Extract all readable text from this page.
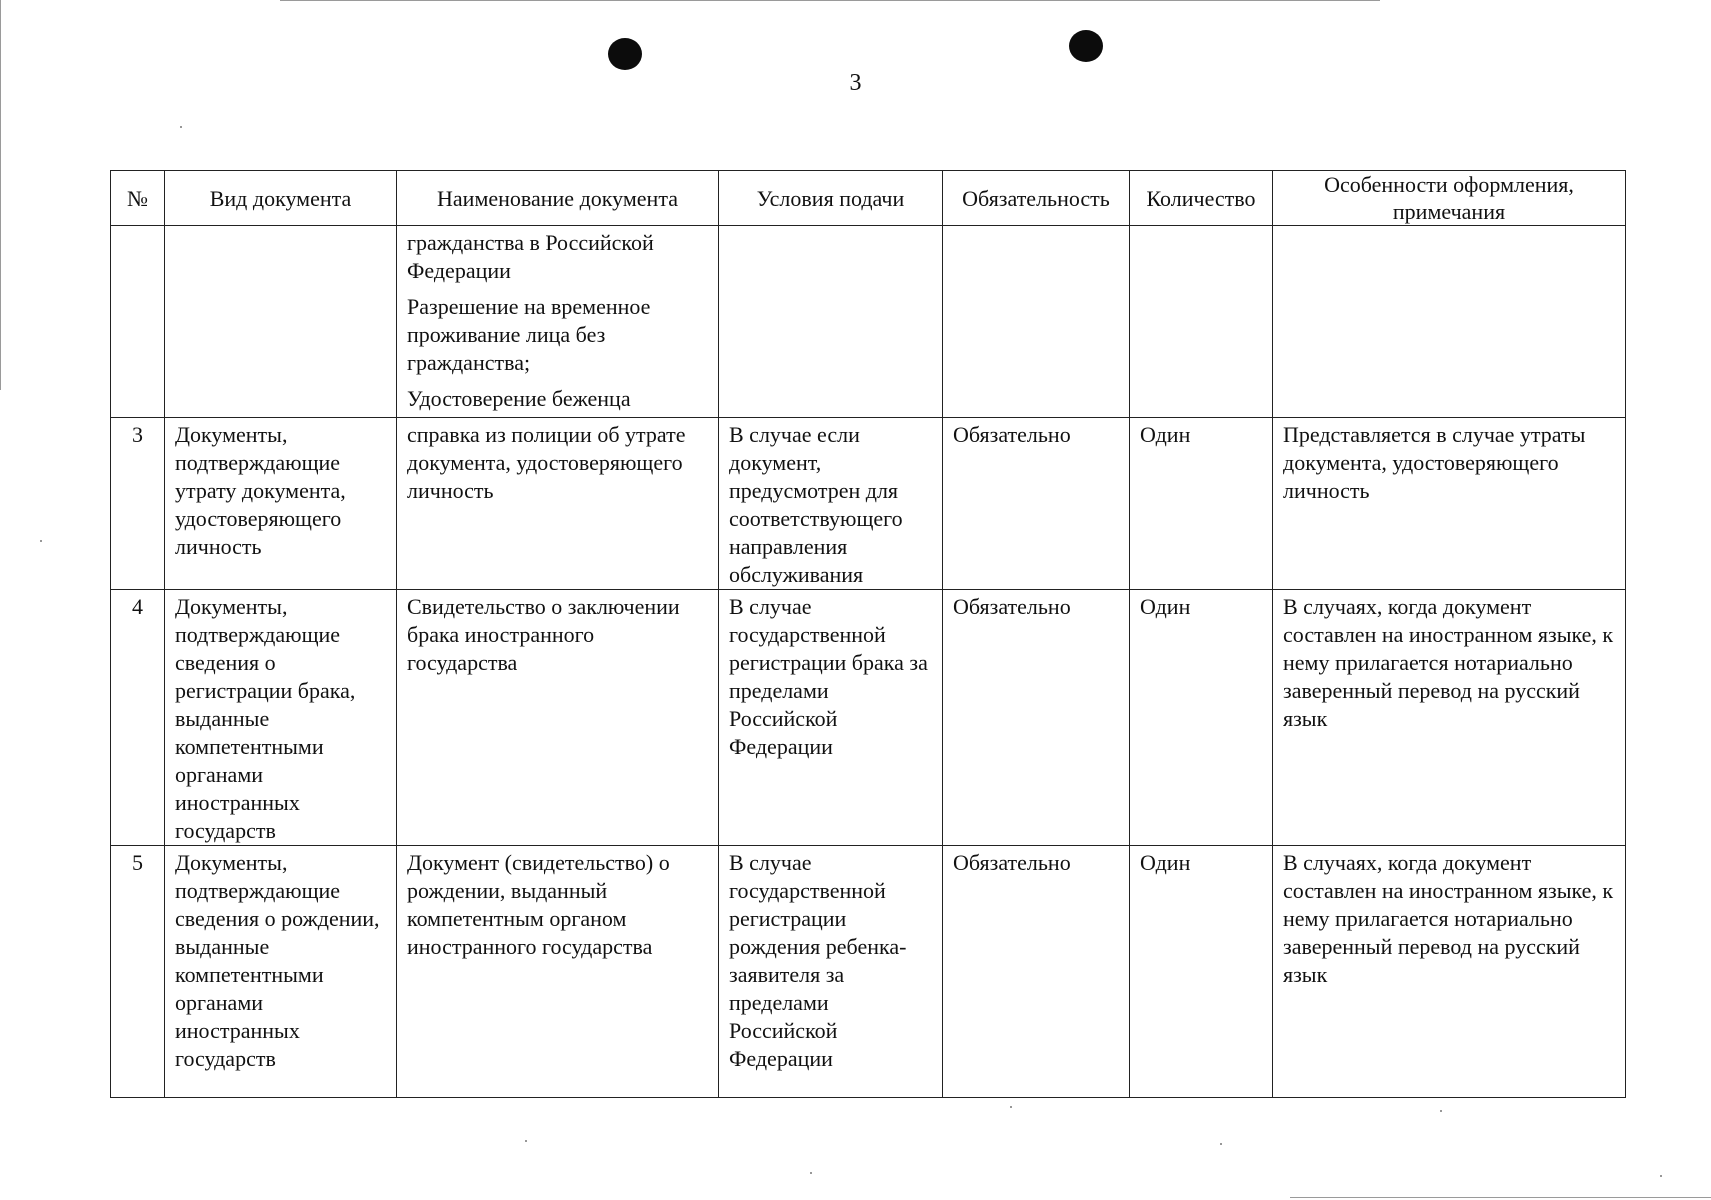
3
№	Вид документа	Наименование документа	Условия подачи	Обязательность	Количество	Особенности оформления, примечания

		гражданства в Российской Федерации
Разрешение на временное проживание лица без гражданства;
Удостоверение беженца				

3	Документы, подтверждающие утрату документа, удостоверяющего личность	справка из полиции об утрате документа, удостоверяющего личность	В случае если документ, предусмотрен для соответствующего направления обслуживания	Обязательно	Один	Представляется в случае утраты документа, удостоверяющего личность
4	Документы, подтверждающие сведения о регистрации брака, выданные компетентными органами иностранных государств	Свидетельство о заключении брака иностранного государства	В случае государственной регистрации брака за пределами Российской Федерации	Обязательно	Один	В случаях, когда документ составлен на иностранном языке, к нему прилагается нотариально заверенный перевод на русский язык
5	Документы, подтверждающие сведения о рождении, выданные компетентными органами иностранных государств	Документ (свидетельство) о рождении, выданный компетентным органом иностранного государства	В случае государственной регистрации рождения ребенка-заявителя за пределами Российской Федерации	Обязательно	Один	В случаях, когда документ составлен на иностранном языке, к нему прилагается нотариально заверенный перевод на русский язык
